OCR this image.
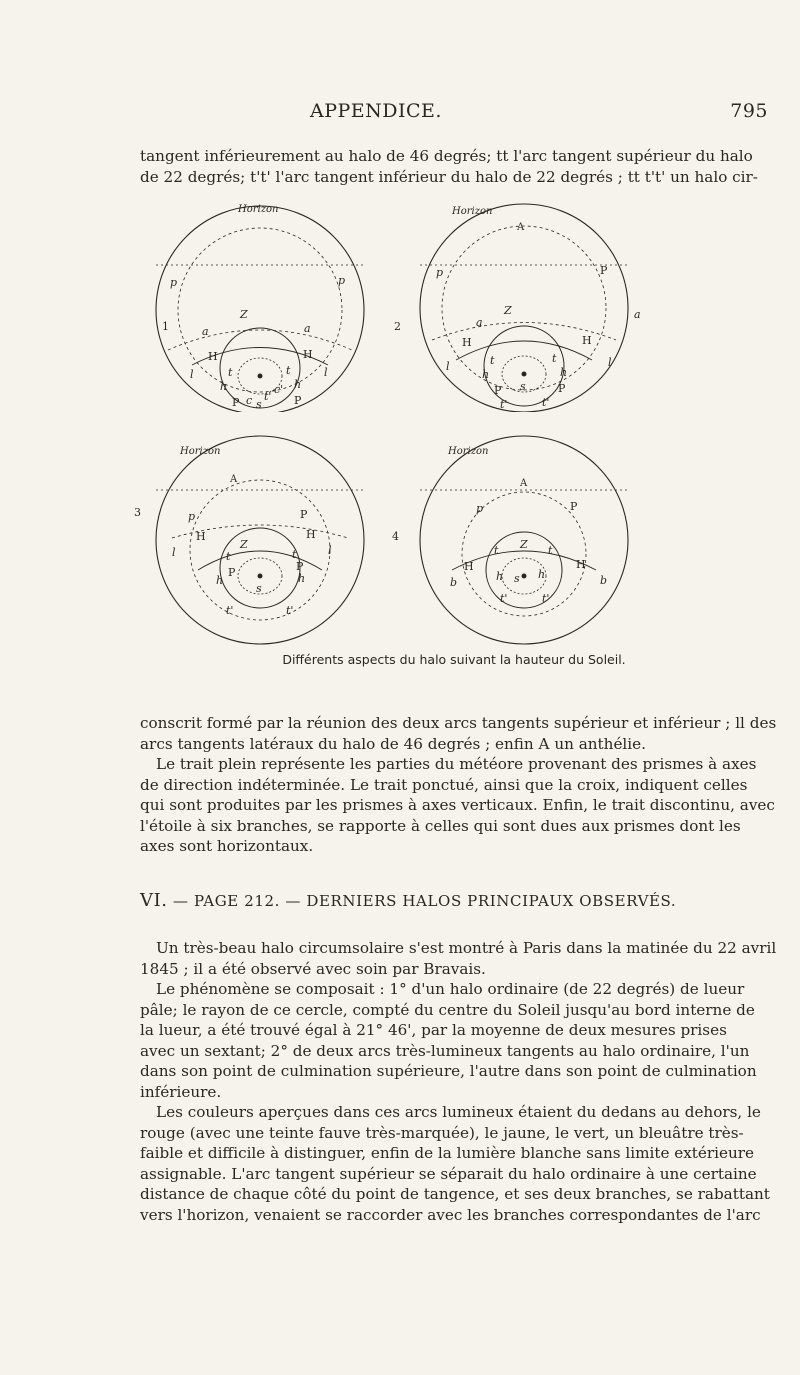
APPENDICE.	795
tangent inférieurement au halo de 46 degrés; tt l'arc tangent supérieur du halo
de 22 degrés; t't' l'arc tangent inférieur du halo de 22 degrés ; tt t't' un halo cir-
1
Horizon
Z
a	a
p	p
H	H
l	l
t	t
h	h
c
c'
s
P	P
t'
2
Horizon
A
Z
a
a
p	P
H	H
l	l
t	t
h	h
s
P	P
t'	t'
3
Horizon
A
Z
p	P
H	H
l	l
t	t
h	h
s
P	P
t'	t'
4
Horizon
A
Z
p	P
H	H
b	b
t	t
h	h
s
t'	t'
Différents aspects du halo suivant la hauteur du Soleil.
conscrit formé par la réunion des deux arcs tangents supérieur et inférieur ; ll des
arcs tangents latéraux du halo de 46 degrés ; enfin A un anthélie.
Le trait plein représente les parties du météore provenant des prismes à axes
de direction indéterminée. Le trait ponctué, ainsi que la croix, indiquent celles
qui sont produites par les prismes à axes verticaux. Enfin, le trait discontinu, avec
l'étoile à six branches, se rapporte à celles qui sont dues aux prismes dont les
axes sont horizontaux.
VI. — PAGE 212. — DERNIERS HALOS PRINCIPAUX OBSERVÉS.
Un très-beau halo circumsolaire s'est montré à Paris dans la matinée du 22 avril
1845 ; il a été observé avec soin par Bravais.
Le phénomène se composait : 1° d'un halo ordinaire (de 22 degrés) de lueur
pâle; le rayon de ce cercle, compté du centre du Soleil jusqu'au bord interne de
la lueur, a été trouvé égal à 21° 46', par la moyenne de deux mesures prises
avec un sextant; 2° de deux arcs très-lumineux tangents au halo ordinaire, l'un
dans son point de culmination supérieure, l'autre dans son point de culmination
inférieure.
Les couleurs aperçues dans ces arcs lumineux étaient du dedans au dehors, le
rouge (avec une teinte fauve très-marquée), le jaune, le vert, un bleuâtre très-
faible et difficile à distinguer, enfin de la lumière blanche sans limite extérieure
assignable. L'arc tangent supérieur se séparait du halo ordinaire à une certaine
distance de chaque côté du point de tangence, et ses deux branches, se rabattant
vers l'horizon, venaient se raccorder avec les branches correspondantes de l'arc
